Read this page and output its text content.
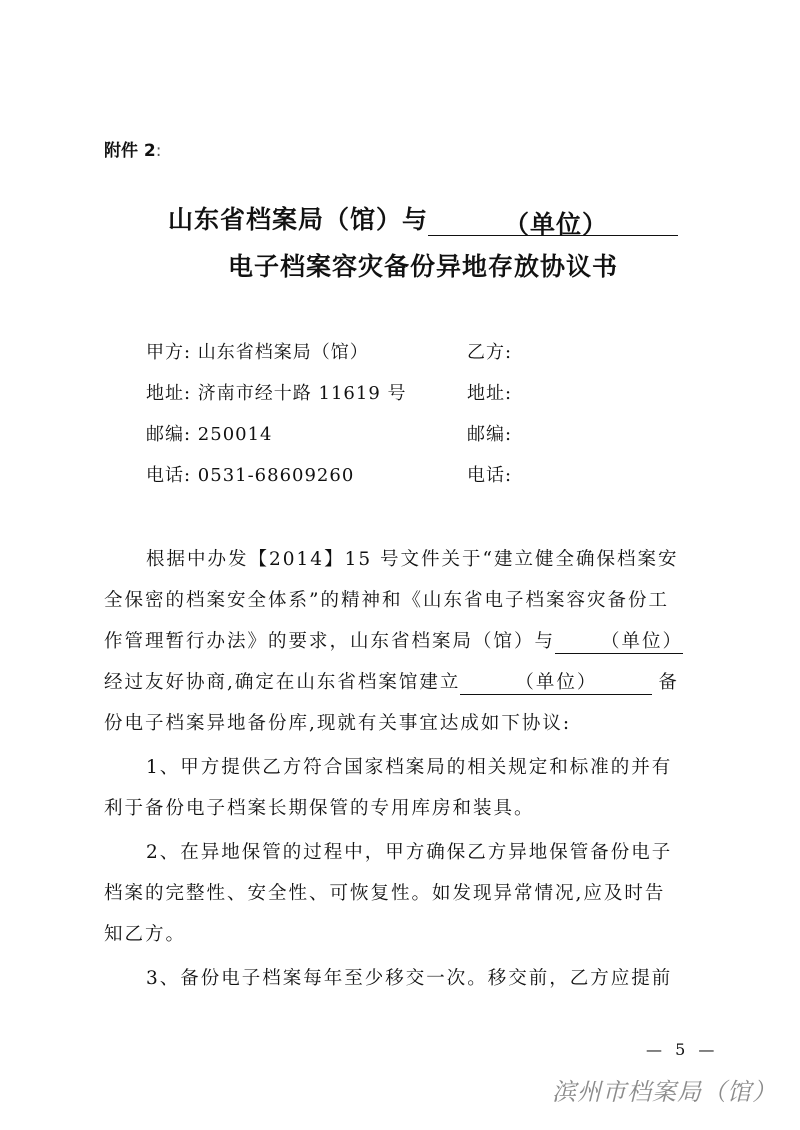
附件 2:
山东省档案局（馆）与	（单位）
电子档案容灾备份异地存放协议书
甲方: 山东省档案局（馆）	乙方:
地址: 济南市经十路 11619 号	地址:
邮编: 250014	邮编:
电话: 0531-68609260	电话:
根据中办发【2014】15 号文件关于“建立健全确保档案安
全保密的档案安全体系”的精神和《山东省电子档案容灾备份工
作管理暂行办法》的要求，山东省档案局（馆）与 （单位）
经过友好协商,确定在山东省档案馆建立	（单位）	备
份电子档案异地备份库,现就有关事宜达成如下协议:
1、甲方提供乙方符合国家档案局的相关规定和标准的并有
利于备份电子档案长期保管的专用库房和装具。
2、在异地保管的过程中，甲方确保乙方异地保管备份电子
档案的完整性、安全性、可恢复性。如发现异常情况,应及时告
知乙方。
3、备份电子档案每年至少移交一次。移交前，乙方应提前
— 5 —
滨州市档案局（馆）
